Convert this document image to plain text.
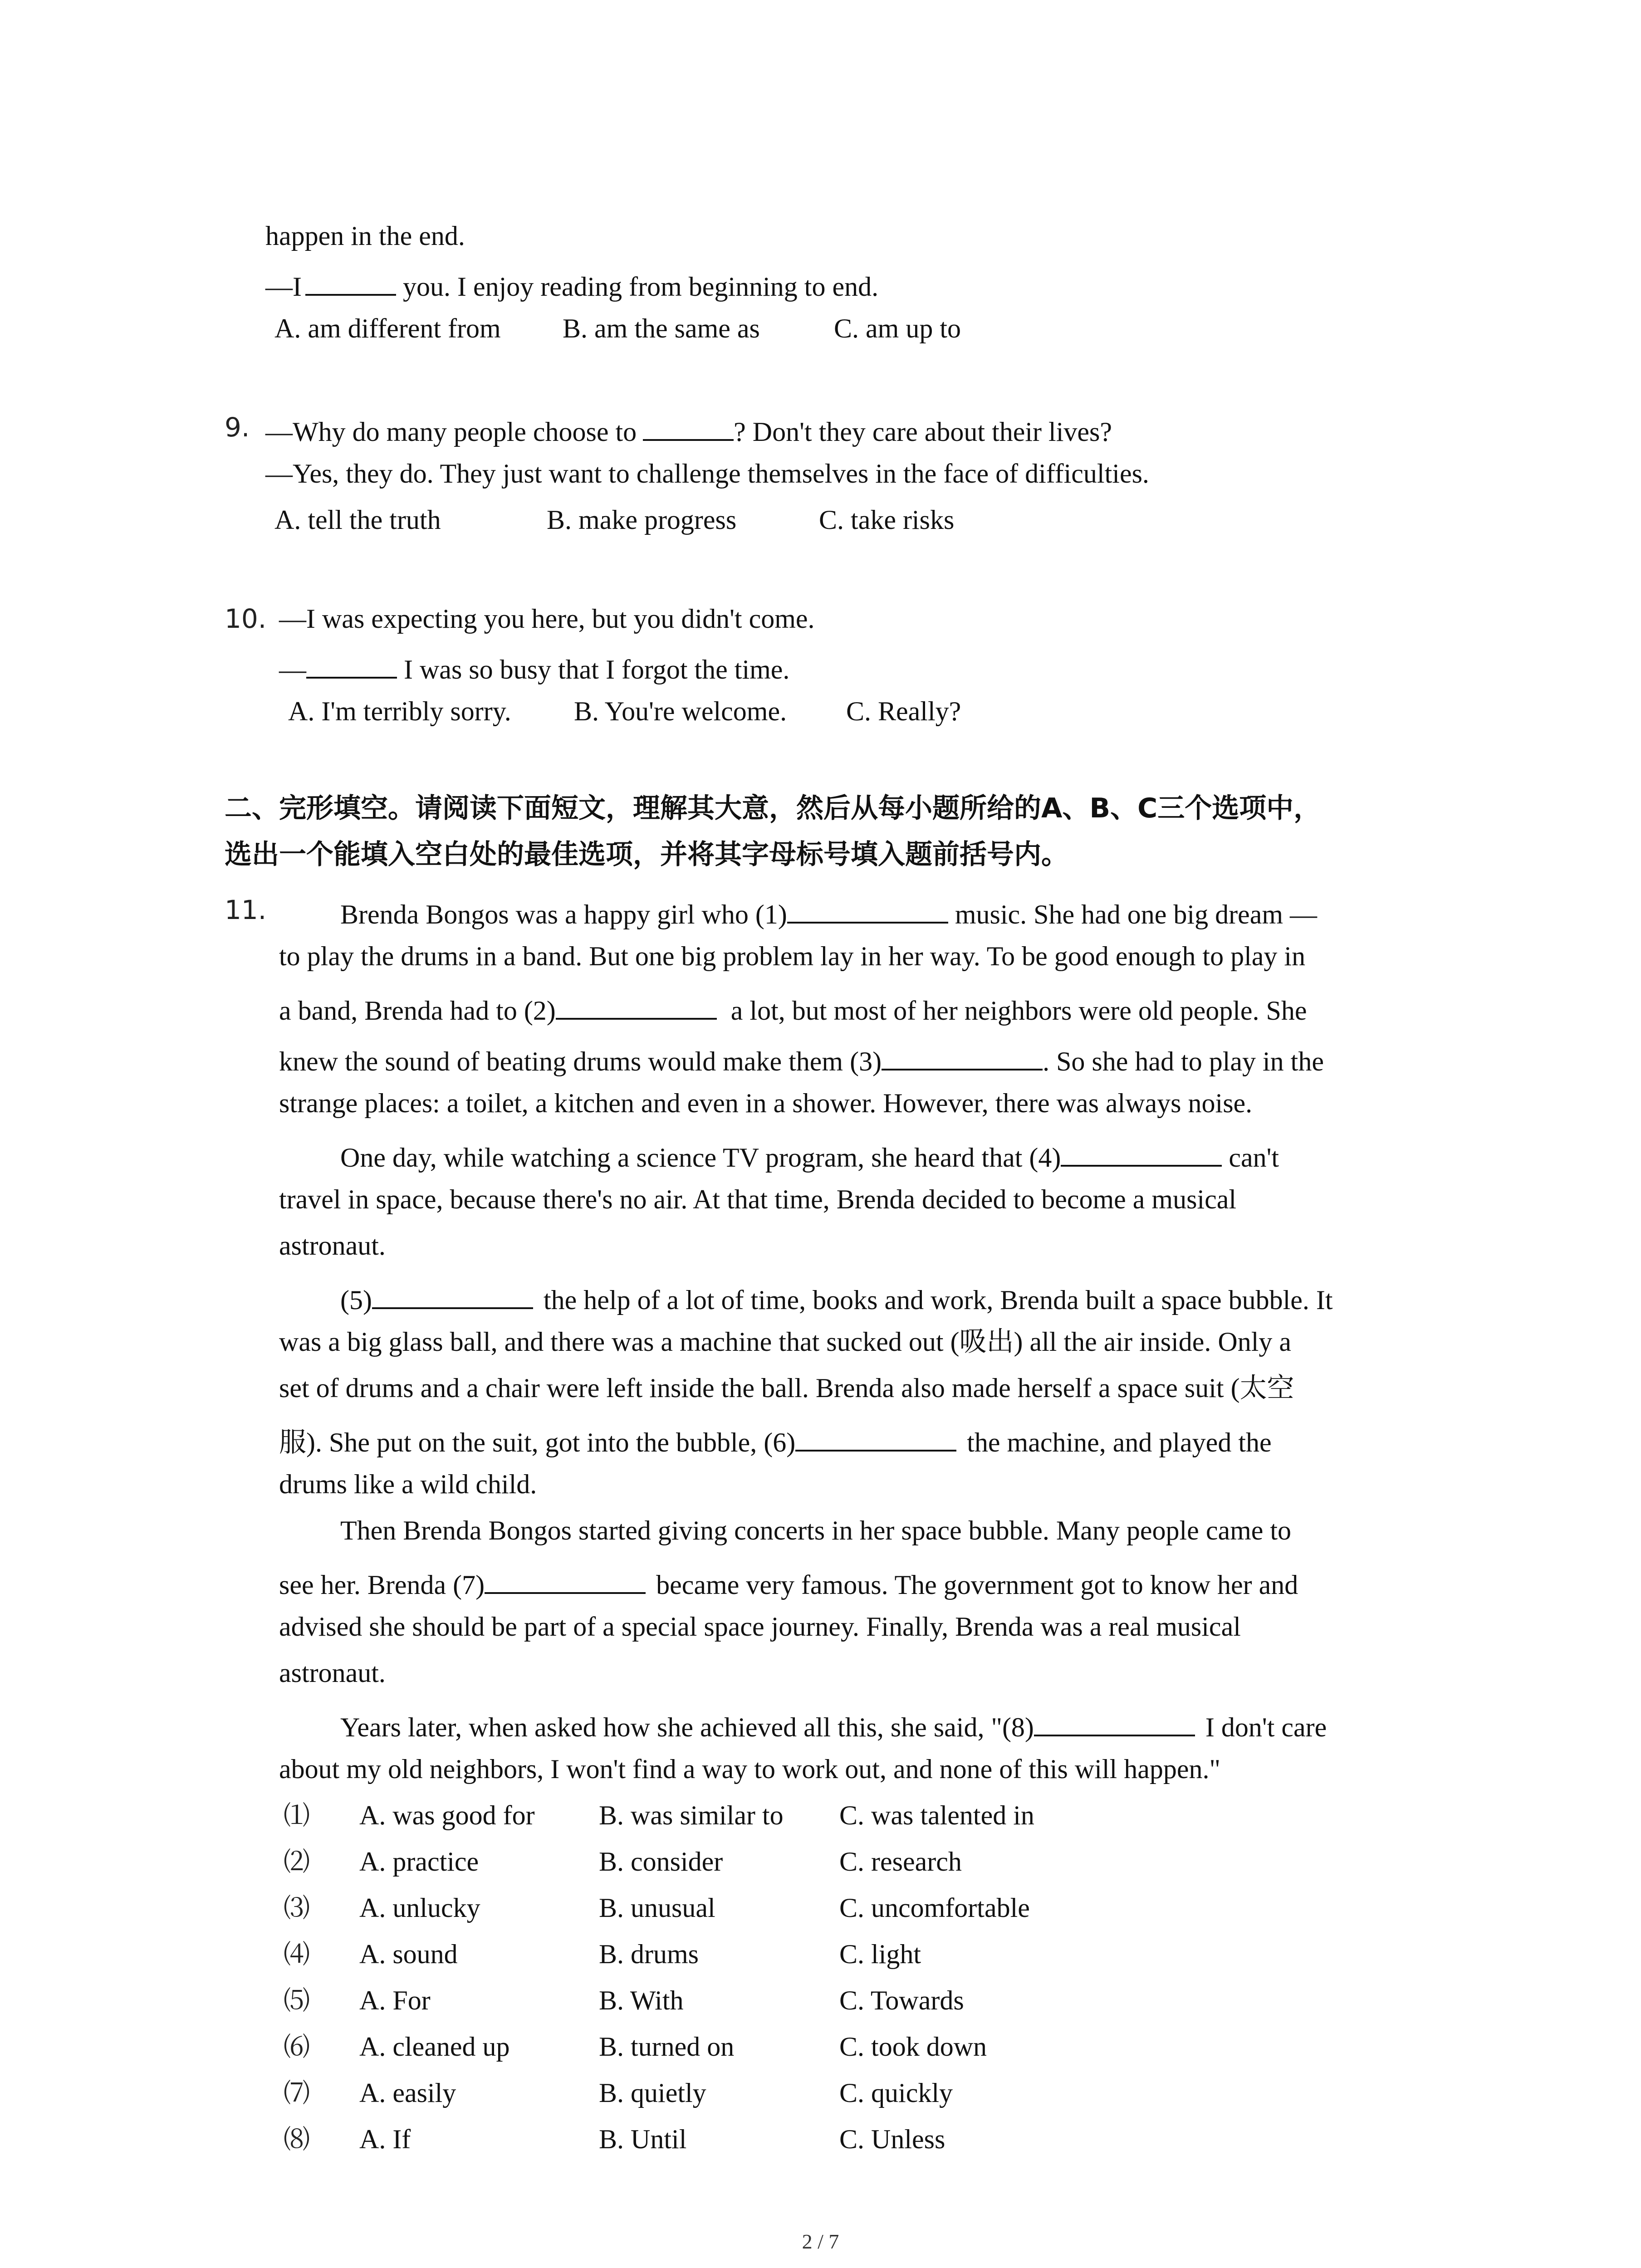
happen in the end.
—I	you. I enjoy reading from beginning to end.
A. am different from B. am the same as	C. am up to
9. —Why do many people choose to	? Don't they care about their lives?
—Yes, they do. They just want to challenge themselves in the face of difficulties.
A. tell the truth	B. make progress	C. take risks
10. —I was expecting you here, but you didn't come.
—	I was so busy that I forgot the time.
A. I'm terribly sorry. B. You're welcome. C. Really?
二、完形填空。请阅读下面短文，理解其大意，然后从每小题所给的A、B、C三个选项中，
选出一个能填入空白处的最佳选项，并将其字母标号填入题前括号内。
11.	Brenda Bongos was a happy girl who (1)	music. She had one big dream —
to play the drums in a band. But one big problem lay in her way. To be good enough to play in
a band, Brenda had to (2)	a lot, but most of her neighbors were old people. She
knew the sound of beating drums would make them (3)	. So she had to play in the
strange places: a toilet, a kitchen and even in a shower. However, there was always noise.
One day, while watching a science TV program, she heard that (4)	can't
travel in space, because there's no air. At that time, Brenda decided to become a musical
astronaut.
(5)	the help of a lot of time, books and work, Brenda built a space bubble. It
was a big glass ball, and there was a machine that sucked out (吸出) all the air inside. Only a
set of drums and a chair were left inside the ball. Brenda also made herself a space suit (太空
服). She put on the suit, got into the bubble, (6)	the machine, and played the
drums like a wild child.
Then Brenda Bongos started giving concerts in her space bubble. Many people came to
see her. Brenda (7)	became very famous. The government got to know her and
advised she should be part of a special space journey. Finally, Brenda was a real musical
astronaut.
Years later, when asked how she achieved all this, she said, "(8)	I don't care
about my old neighbors, I won't find a way to work out, and none of this will happen."
⑴ A. was good for B. was similar to C. was talented in
⑵ A. practice	B. consider	C. research
⑶ A. unlucky	B. unusual	C. uncomfortable
⑷ A. sound	B. drums	C. light
⑸ A. For	B. With	C. Towards
⑹ A. cleaned up	B. turned on	C. took down
⑺ A. easily	B. quietly	C. quickly
⑻ A. If	B. Until	C. Unless
2 / 7
